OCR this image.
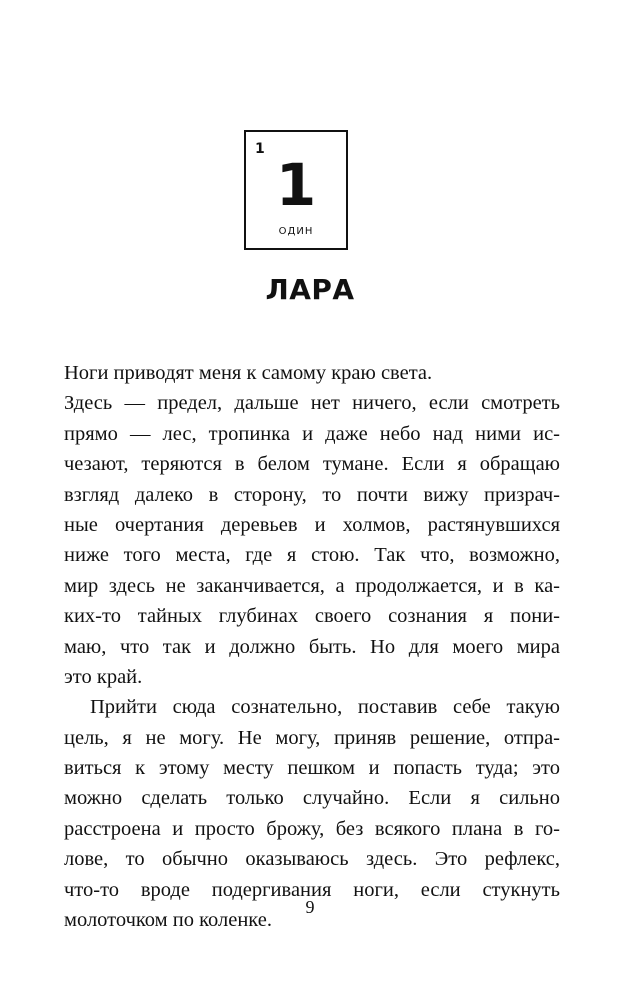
1
1
ОДИН
ЛАРА
Ноги приводят меня к самому краю света.
Здесь — предел, дальше нет ничего, если смотреть
прямо — лес, тропинка и даже небо над ними ис-
чезают, теряются в белом тумане. Если я обращаю
взгляд далеко в сторону, то почти вижу призрач-
ные очертания деревьев и холмов, растянувшихся
ниже того места, где я стою. Так что, возможно,
мир здесь не заканчивается, а продолжается, и в ка-
ких-то тайных глубинах своего сознания я пони-
маю, что так и должно быть. Но для моего мира
это край.
Прийти сюда сознательно, поставив себе такую
цель, я не могу. Не могу, приняв решение, отпра-
виться к этому месту пешком и попасть туда; это
можно сделать только случайно. Если я сильно
расстроена и просто брожу, без всякого плана в го-
лове, то обычно оказываюсь здесь. Это рефлекс,
что-то вроде подергивания ноги, если стукнуть
молоточком по коленке.
9
